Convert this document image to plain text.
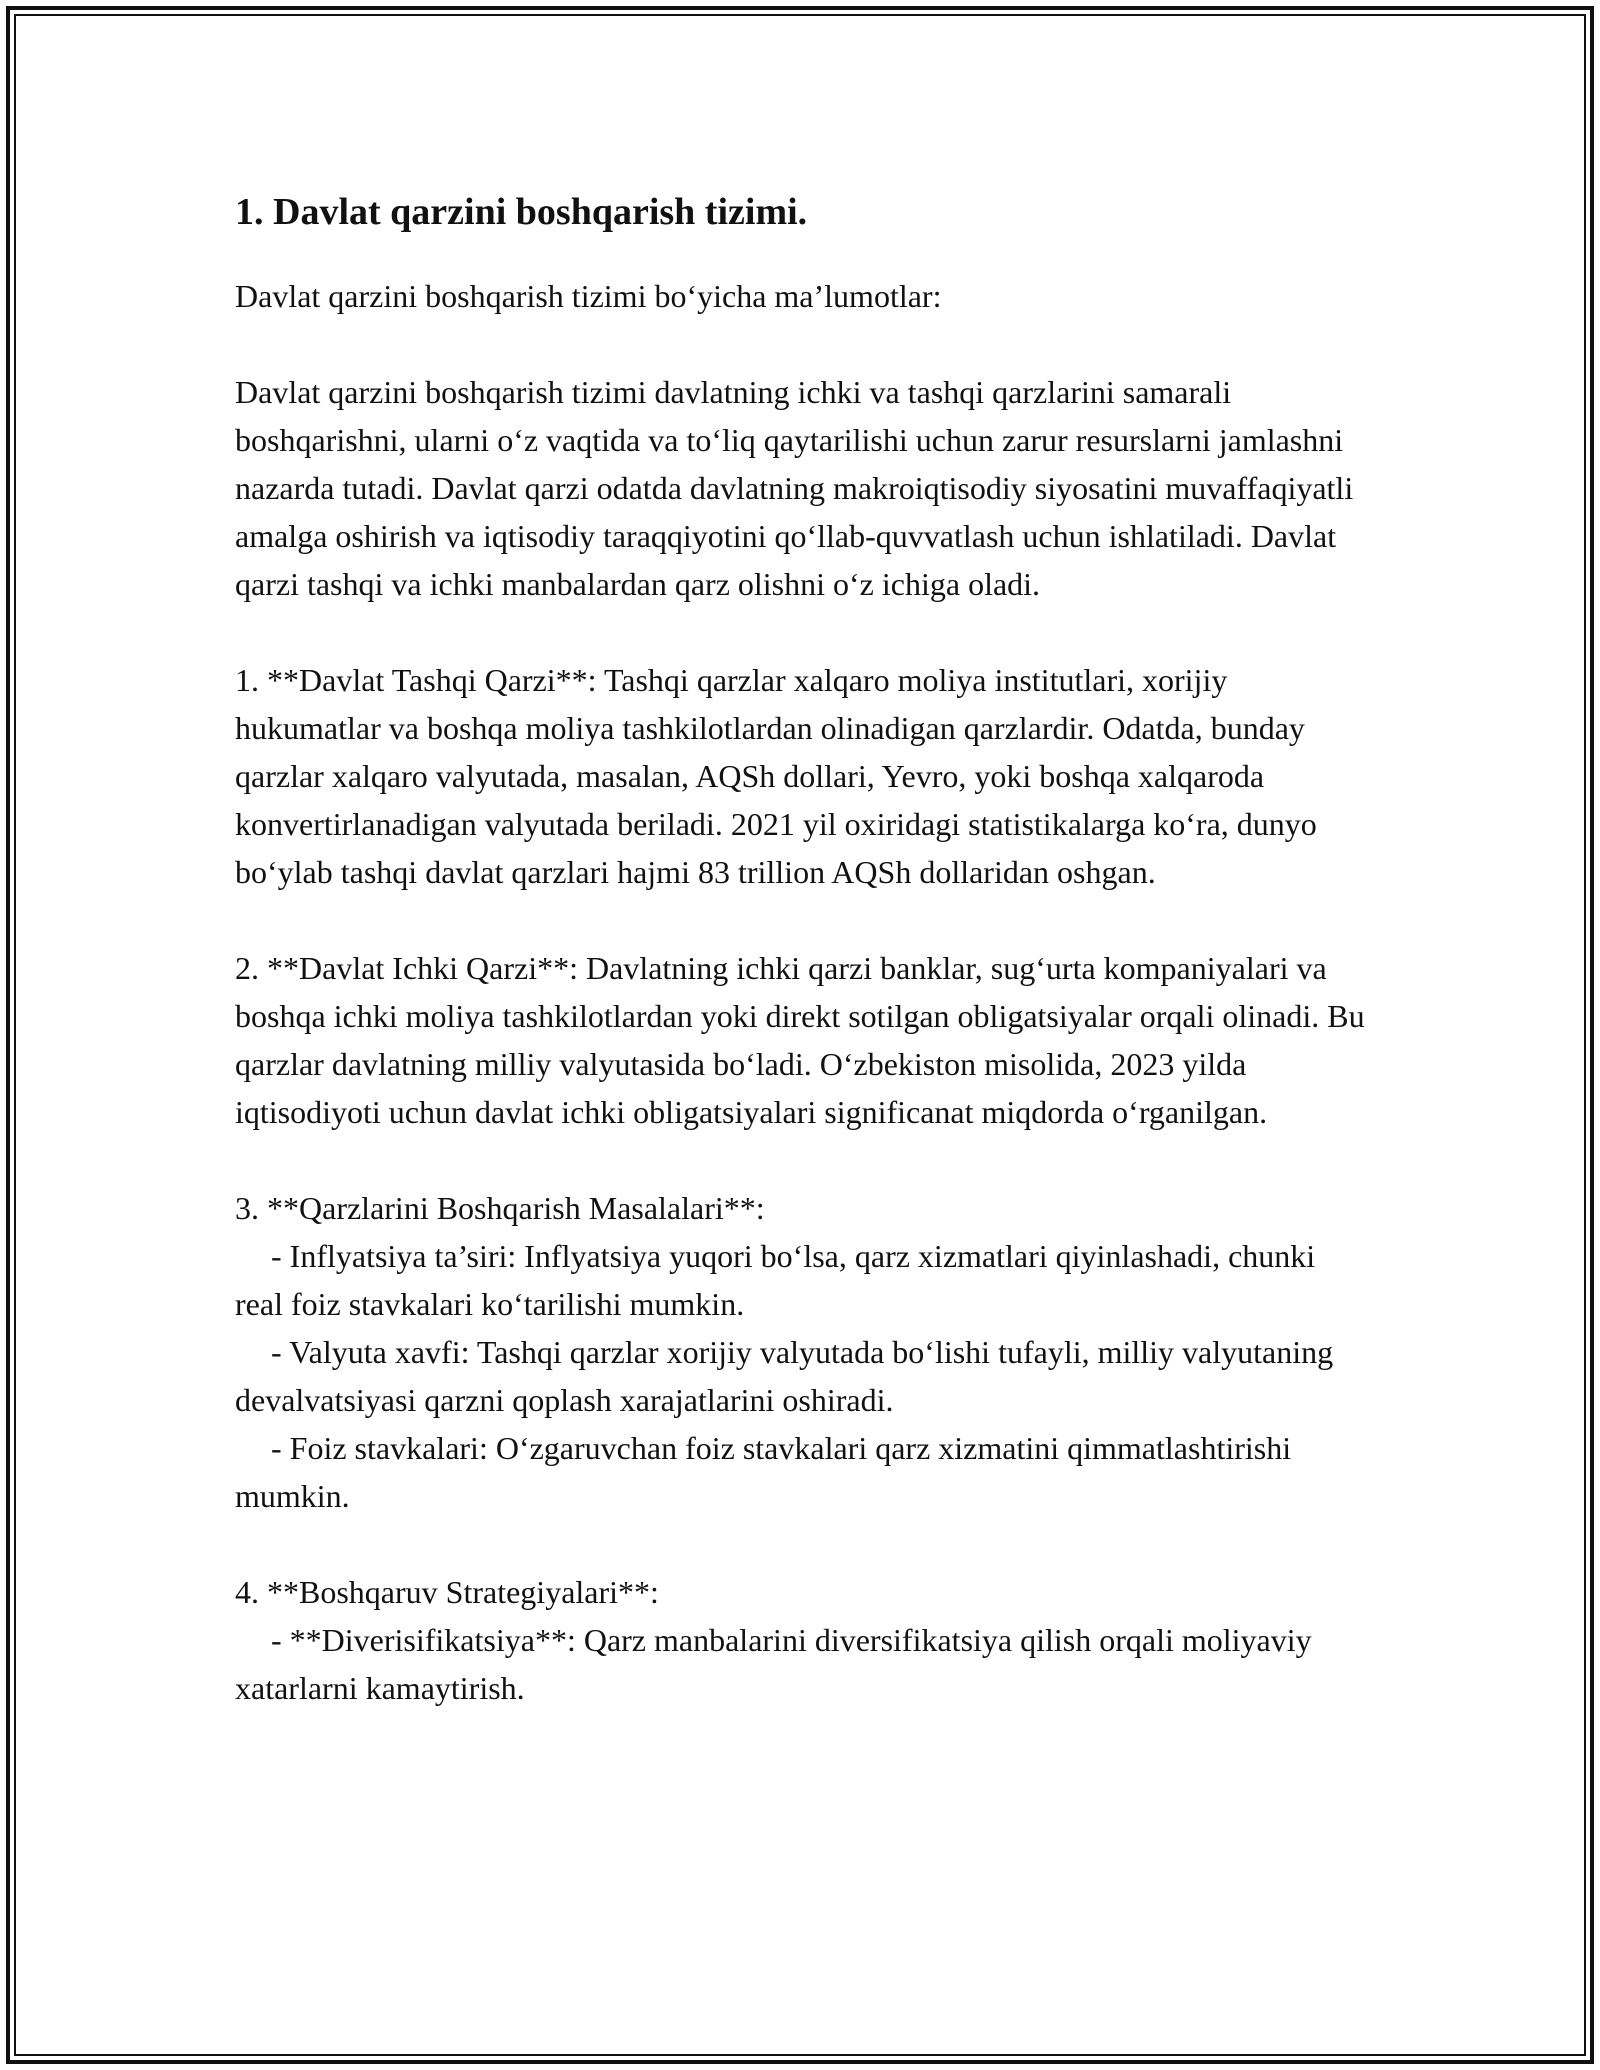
1. Davlat qarzini boshqarish tizimi.

Davlat qarzini boshqarish tizimi bo‘yicha ma’lumotlar:

Davlat qarzini boshqarish tizimi davlatning ichki va tashqi qarzlarini samarali boshqarishni, ularni o‘z vaqtida va to‘liq qaytarilishi uchun zarur resurslarni jamlashni nazarda tutadi. Davlat qarzi odatda davlatning makroiqtisodiy siyosatini muvaffaqiyatli amalga oshirish va iqtisodiy taraqqiyotini qo‘llab-quvvatlash uchun ishlatiladi. Davlat qarzi tashqi va ichki manbalardan qarz olishni o‘z ichiga oladi.

1. **Davlat Tashqi Qarzi**: Tashqi qarzlar xalqaro moliya institutlari, xorijiy hukumatlar va boshqa moliya tashkilotlardan olinadigan qarzlardir. Odatda, bunday qarzlar xalqaro valyutada, masalan, AQSh dollari, Yevro, yoki boshqa xalqaroda konvertirlanadigan valyutada beriladi. 2021 yil oxiridagi statistikalarga ko‘ra, dunyo bo‘ylab tashqi davlat qarzlari hajmi 83 trillion AQSh dollaridan oshgan.

2. **Davlat Ichki Qarzi**: Davlatning ichki qarzi banklar, sug‘urta kompaniyalari va boshqa ichki moliya tashkilotlardan yoki direkt sotilgan obligatsiyalar orqali olinadi. Bu qarzlar davlatning milliy valyutasida bo‘ladi. O‘zbekiston misolida, 2023 yilda iqtisodiyoti uchun davlat ichki obligatsiyalari significanat miqdorda o‘rganilgan.

3. **Qarzlarini Boshqarish Masalalari**:
- Inflyatsiya ta’siri: Inflyatsiya yuqori bo‘lsa, qarz xizmatlari qiyinlashadi, chunki real foiz stavkalari ko‘tarilishi mumkin.
- Valyuta xavfi: Tashqi qarzlar xorijiy valyutada bo‘lishi tufayli, milliy valyutaning devalvatsiyasi qarzni qoplash xarajatlarini oshiradi.
- Foiz stavkalari: O‘zgaruvchan foiz stavkalari qarz xizmatini qimmatlashtirishi mumkin.

4. **Boshqaruv Strategiyalari**:
- **Diverisifikatsiya**: Qarz manbalarini diversifikatsiya qilish orqali moliyaviy xatarlarni kamaytirish.
